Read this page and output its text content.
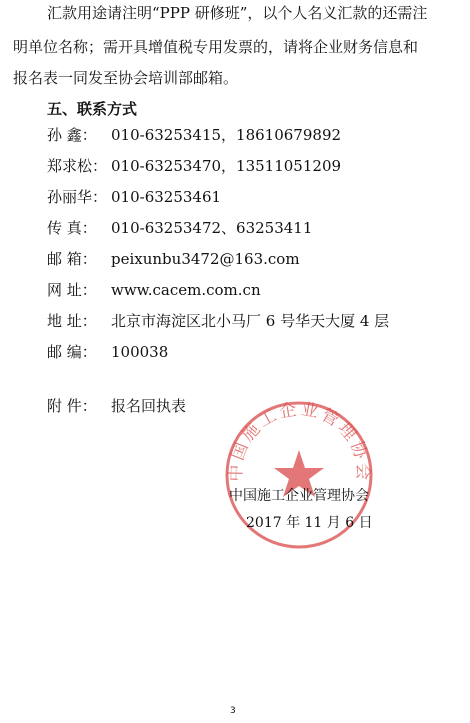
汇款用途请注明“PPP 研修班”，以个人名义汇款的还需注
明单位名称；需开具增值税专用发票的，请将企业财务信息和
报名表一同发至协会培训部邮箱。
五、联系方式
孙 鑫： 010-63253415，18610679892
郑求松： 010-63253470，13511051209
孙丽华： 010-63253461
传 真： 010-63253472、63253411
邮 箱： peixunbu3472@163.com
网 址： www.cacem.com.cn
地 址： 北京市海淀区北小马厂 6 号华天大厦 4 层
邮 编： 100038
附 件： 报名回执表
中国施工企业管理协会
中国施工企业管理协会
2017 年 11 月 6 日
3
